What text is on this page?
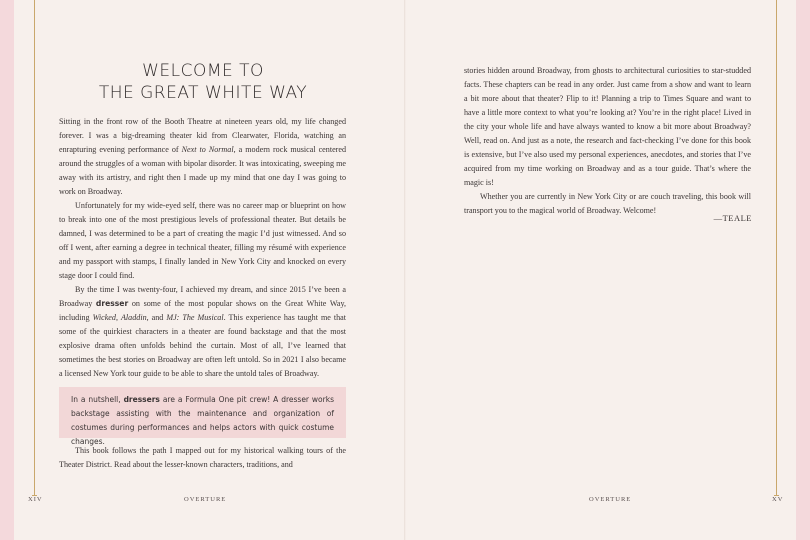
WELCOME TO
THE GREAT WHITE WAY

Sitting in the front row of the Booth Theatre at nineteen years old, my life changed forever. I was a big-dreaming theater kid from Clearwater, Florida, watching an enrapturing evening performance of Next to Normal, a modern rock musical centered around the struggles of a woman with bipolar disorder. It was intoxicating, sweeping me away with its artistry, and right then I made up my mind that one day I was going to work on Broadway.

Unfortunately for my wide-eyed self, there was no career map or blueprint on how to break into one of the most prestigious levels of professional theater. But details be damned, I was determined to be a part of creating the magic I’d just witnessed. And so off I went, after earning a degree in technical theater, filling my résumé with experience and my passport with stamps, I finally landed in New York City and knocked on every stage door I could find.

By the time I was twenty-four, I achieved my dream, and since 2015 I’ve been a Broadway dresser on some of the most popular shows on the Great White Way, including Wicked, Aladdin, and MJ: The Musical. This experience has taught me that some of the quirkiest characters in a theater are found backstage and that the most explosive drama often unfolds behind the curtain. Most of all, I’ve learned that sometimes the best stories on Broadway are often left untold. So in 2021 I also became a licensed New York tour guide to be able to share the untold tales of Broadway.

In a nutshell, dressers are a Formula One pit crew! A dresser works backstage assisting with the maintenance and organization of costumes during performances and helps actors with quick costume changes.

This book follows the path I mapped out for my historical walking tours of the Theater District. Read about the lesser-known characters, traditions, and

XIV	OVERTURE

stories hidden around Broadway, from ghosts to architectural curiosities to star-studded facts. These chapters can be read in any order. Just came from a show and want to learn a bit more about that theater? Flip to it! Planning a trip to Times Square and want to have a little more context to what you’re looking at? You’re in the right place! Lived in the city your whole life and have always wanted to know a bit more about Broadway? Well, read on. And just as a note, the research and fact-checking I’ve done for this book is extensive, but I’ve also used my personal experiences, anecdotes, and stories that I’ve acquired from my time working on Broadway and as a tour guide. That’s where the magic is!

Whether you are currently in New York City or are couch traveling, this book will transport you to the magical world of Broadway. Welcome!

—TEALE
OVERTURE	XV
